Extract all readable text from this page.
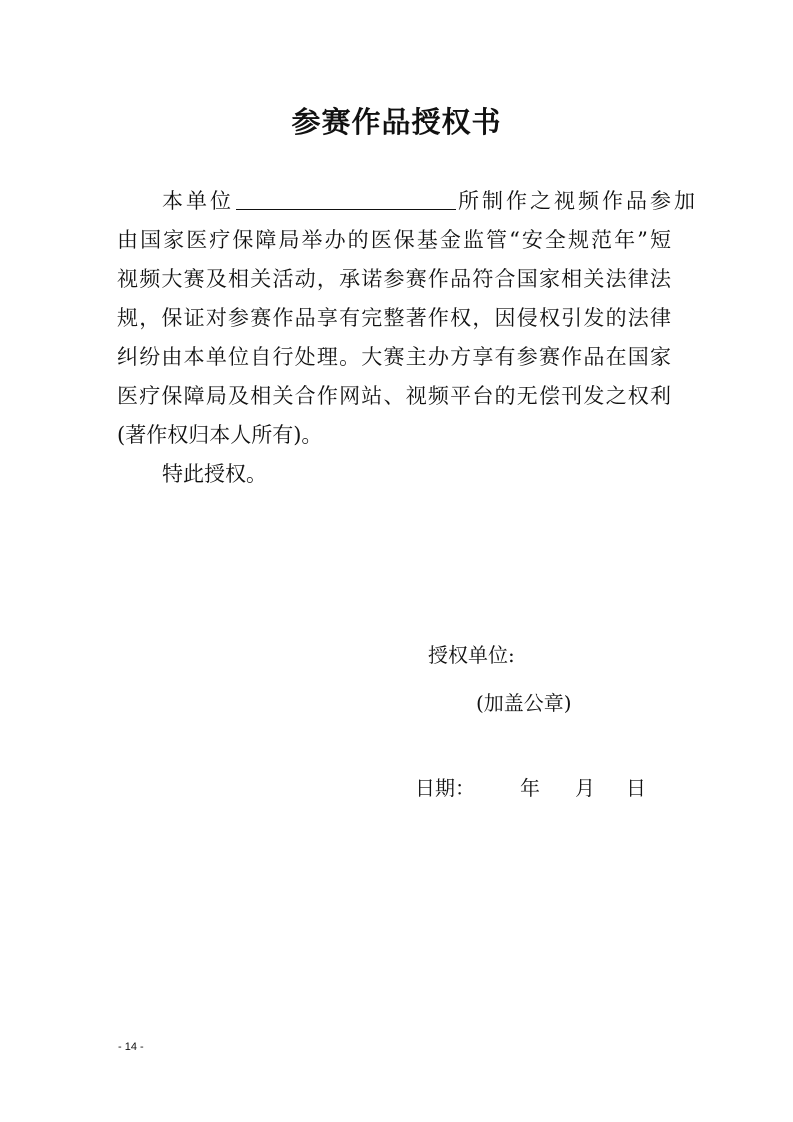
参赛作品授权书
本单位	所制作之视频作品参加
由国家医疗保障局举办的医保基金监管“安全规范年”短
视频大赛及相关活动，承诺参赛作品符合国家相关法律法
规，保证对参赛作品享有完整著作权，因侵权引发的法律
纠纷由本单位自行处理。大赛主办方享有参赛作品在国家
医疗保障局及相关合作网站、视频平台的无偿刊发之权利
(著作权归本人所有)。
特此授权。
授权单位:
(加盖公章)
日期： 年 月 日
- 14 -
